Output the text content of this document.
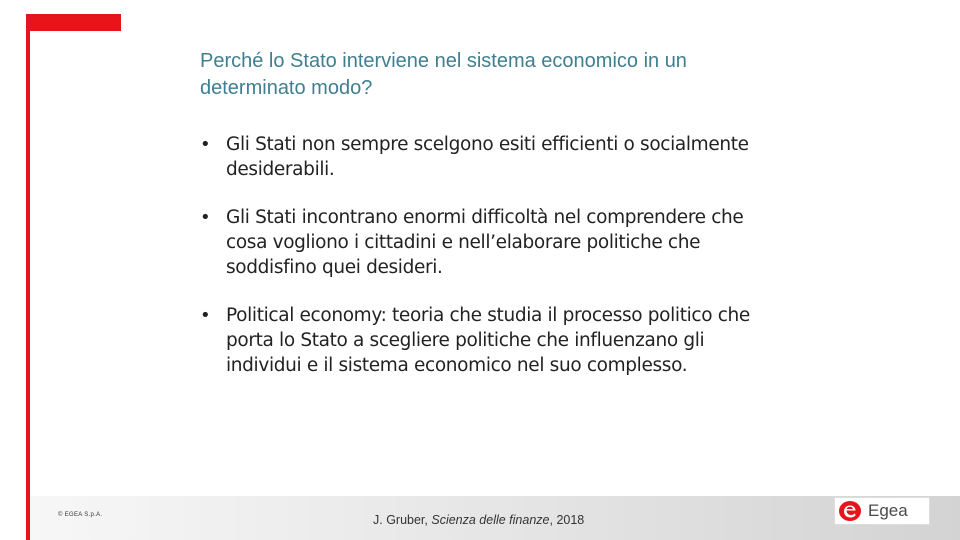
Perché lo Stato interviene nel sistema economico in un determinato modo?
• Gli Stati non sempre scelgono esiti efficienti o socialmente desiderabili.
• Gli Stati incontrano enormi difficoltà nel comprendere che cosa vogliono i cittadini e nell’elaborare politiche che soddisfino quei desideri.
• Political economy: teoria che studia il processo politico che porta lo Stato a scegliere politiche che influenzano gli individui e il sistema economico nel suo complesso.
© EGEA S.p.A.	J. Gruber, Scienza delle finanze, 2018	Egea
